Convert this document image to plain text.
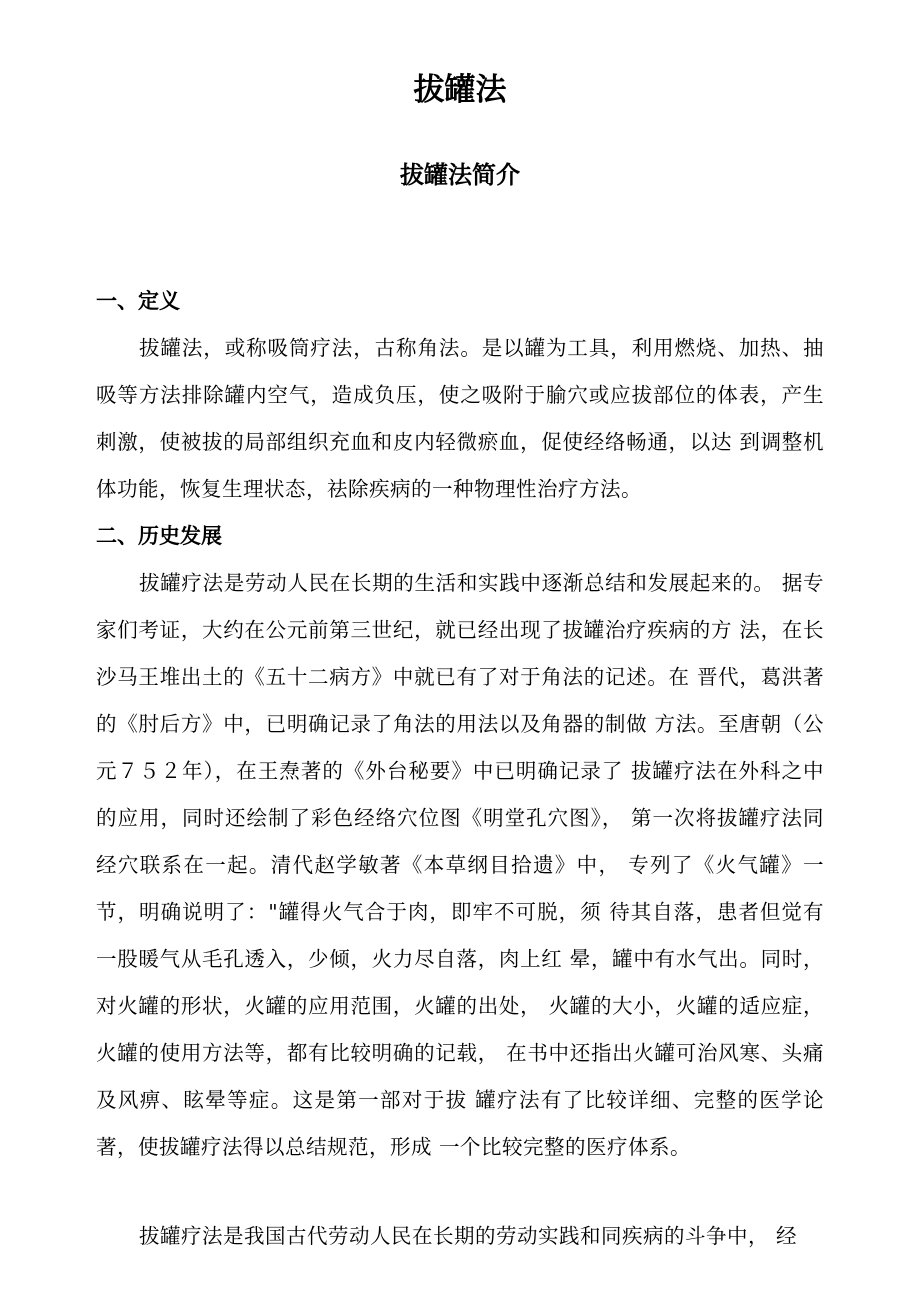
拔罐法
拔罐法简介
一、定义

拔罐法，或称吸筒疗法，古称角法。是以罐为工具，利用燃烧、加热、抽吸等方法排除罐内空气，造成负压，使之吸附于腧穴或应拔部位的体表，产生刺激，使被拔的局部组织充血和皮内轻微瘀血，促使经络畅通，以达 到调整机体功能，恢复生理状态，祛除疾病的一种物理性治疗方法。

二、历史发展

拔罐疗法是劳动人民在长期的生活和实践中逐渐总结和发展起来的。 据专家们考证，大约在公元前第三世纪，就已经出现了拔罐治疗疾病的方 法，在长沙马王堆出土的《五十二病方》中就已有了对于角法的记述。在 晋代，葛洪著的《肘后方》中，已明确记录了角法的用法以及角器的制做 方法。至唐朝（公元７５２年），在王焘著的《外台秘要》中已明确记录了 拔罐疗法在外科之中的应用，同时还绘制了彩色经络穴位图《明堂孔穴图》， 第一次将拔罐疗法同经穴联系在一起。清代赵学敏著《本草纲目拾遗》中， 专列了《火气罐》一节，明确说明了："罐得火气合于肉，即牢不可脱，须 待其自落，患者但觉有一股暖气从毛孔透入，少倾，火力尽自落，肉上红 晕，罐中有水气出。同时，对火罐的形状，火罐的应用范围，火罐的出处， 火罐的大小，火罐的适应症，火罐的使用方法等，都有比较明确的记载， 在书中还指出火罐可治风寒、头痛及风痹、眩晕等症。这是第一部对于拔 罐疗法有了比较详细、完整的医学论著，使拔罐疗法得以总结规范，形成 一个比较完整的医疗体系。

拔罐疗法是我国古代劳动人民在长期的劳动实践和同疾病的斗争中， 经
